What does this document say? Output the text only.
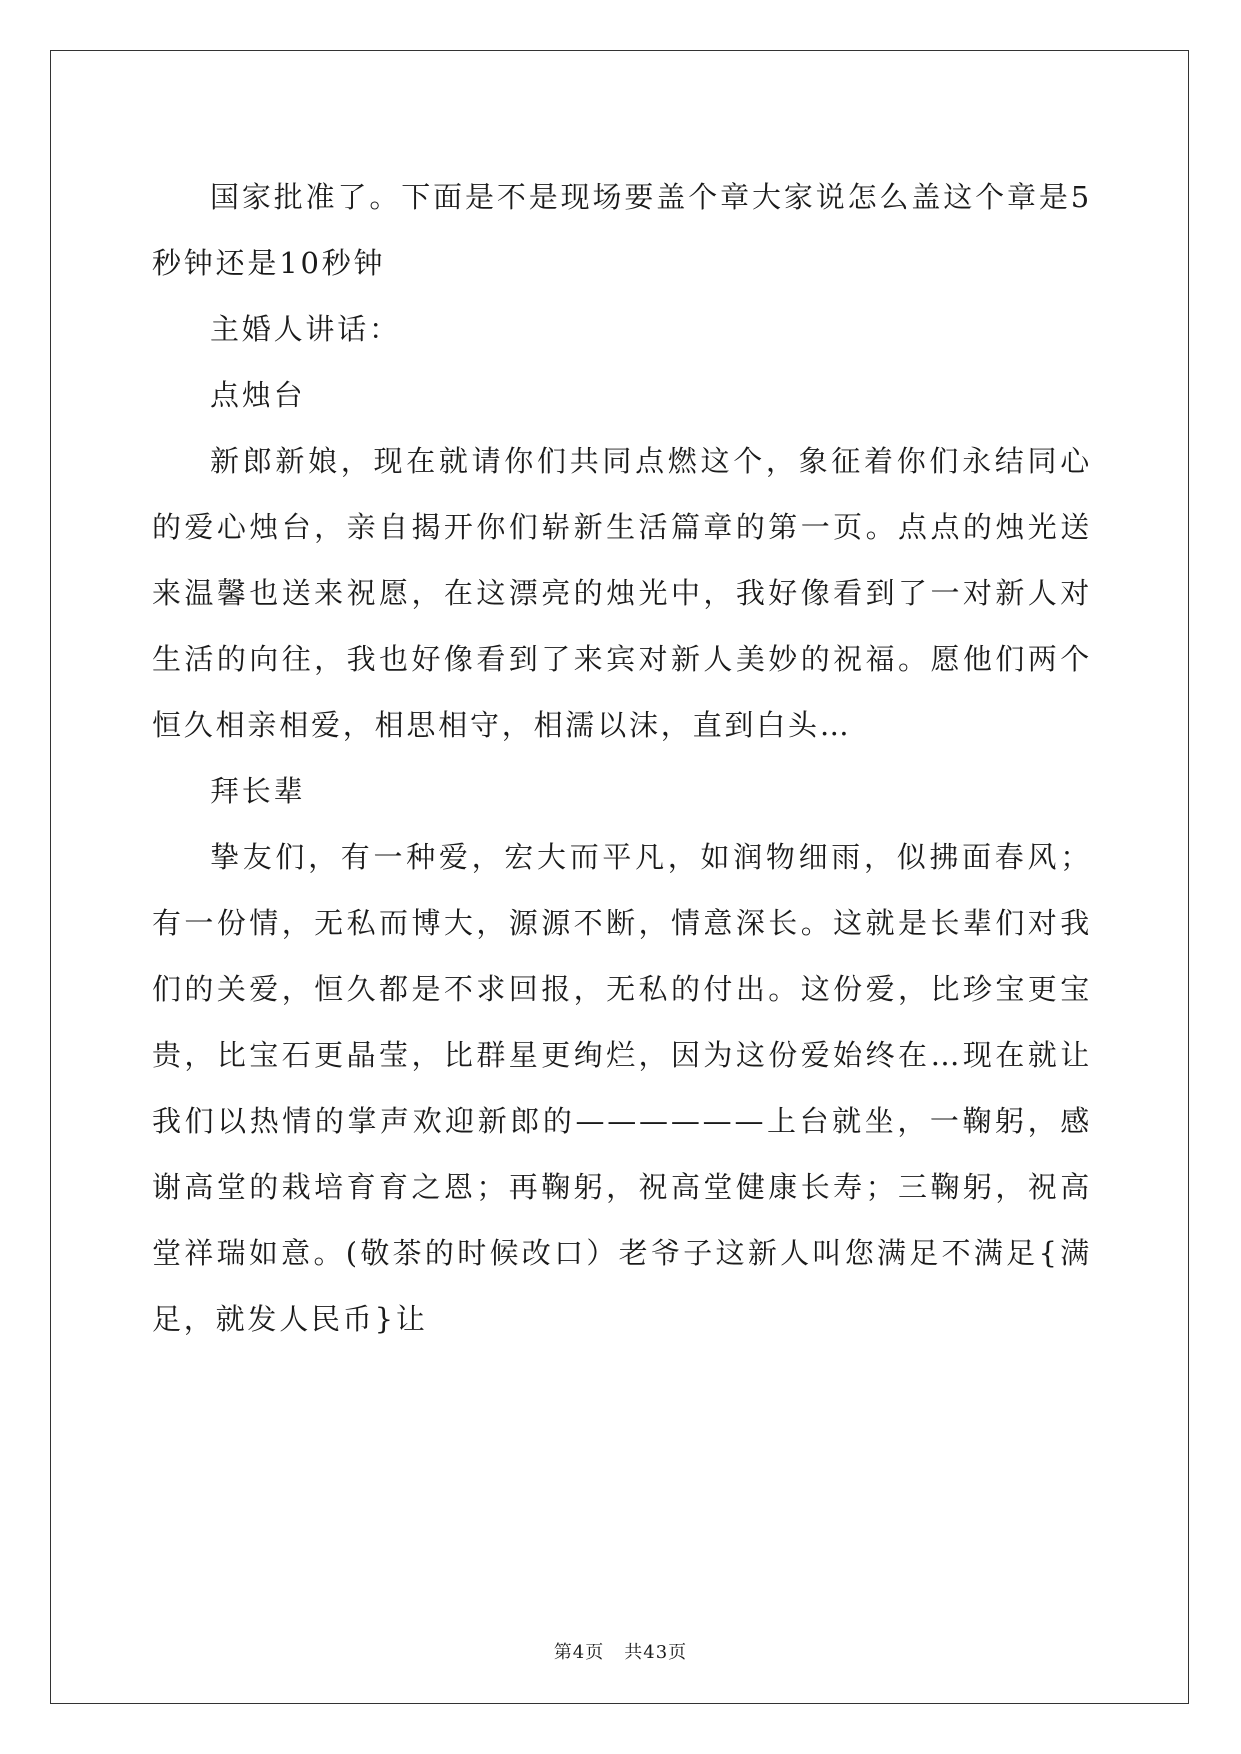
国家批准了。下面是不是现场要盖个章大家说怎么盖这个章是5秒钟还是10秒钟

主婚人讲话：

点烛台

新郎新娘，现在就请你们共同点燃这个，象征着你们永结同心的爱心烛台，亲自揭开你们崭新生活篇章的第一页。点点的烛光送来温馨也送来祝愿，在这漂亮的烛光中，我好像看到了一对新人对生活的向往，我也好像看到了来宾对新人美妙的祝福。愿他们两个恒久相亲相爱，相思相守，相濡以沫，直到白头…

拜长辈

挚友们，有一种爱，宏大而平凡，如润物细雨，似拂面春风；有一份情，无私而博大，源源不断，情意深长。这就是长辈们对我们的关爱，恒久都是不求回报，无私的付出。这份爱，比珍宝更宝贵，比宝石更晶莹，比群星更绚烂，因为这份爱始终在…现在就让我们以热情的掌声欢迎新郎的——————上台就坐，一鞠躬，感谢高堂的栽培育育之恩；再鞠躬，祝高堂健康长寿；三鞠躬，祝高堂祥瑞如意。(敬茶的时候改口）老爷子这新人叫您满足不满足{满足，就发人民币}让

第4页 共43页
